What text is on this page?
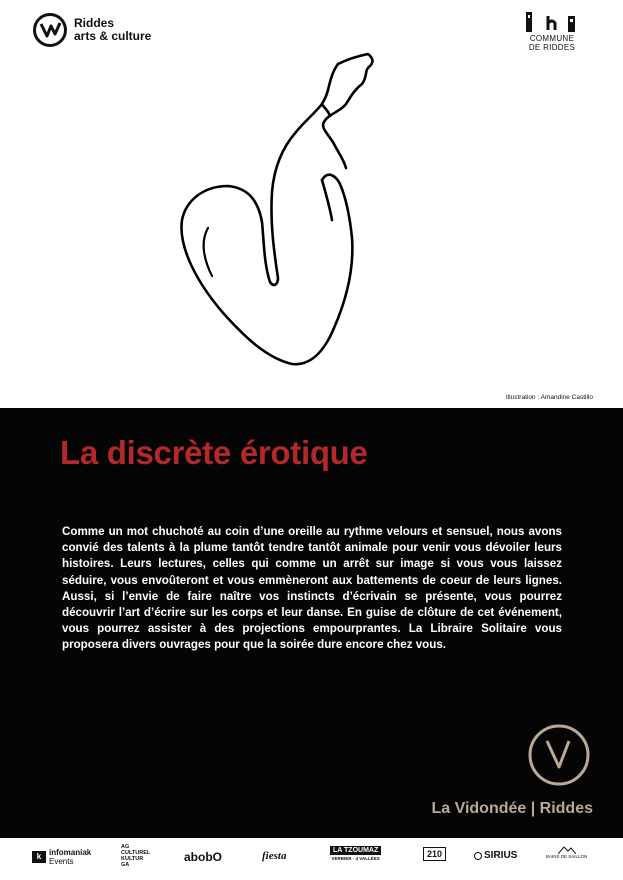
Riddes
arts & culture	COMMUNE
DE RIDDES
Illustration : Amandine Castillo
La discrète érotique
Comme un mot chuchoté au coin d’une oreille au rythme velours et sensuel, nous avons convié des talents à la plume tantôt tendre tantôt animale pour venir vous dévoiler leurs histoires. Leurs lectures, celles qui comme un arrêt sur image si vous vous laissez séduire, vous envoûteront et vous emmèneront aux battements de coeur de leurs lignes. Aussi, si l’envie de faire naître vos instincts d’écrivain se présente, vous pourrez découvrir l’art d’écrire sur les corps et leur danse. En guise de clôture de cet événement, vous pourrez assister à des projections empourprantes. La Libraire Solitaire vous proposera divers ouvrages pour que la soirée dure encore chez vous.
La Vidondée | Riddes
k infomaniak
Events
AG
CULTUREL
KULTUR
GA
abobO	fiesta	LA TZOUMAZ
VERBIER · 4 VALLÉES	210	SIRIUS	BAINS DE SAILLON
